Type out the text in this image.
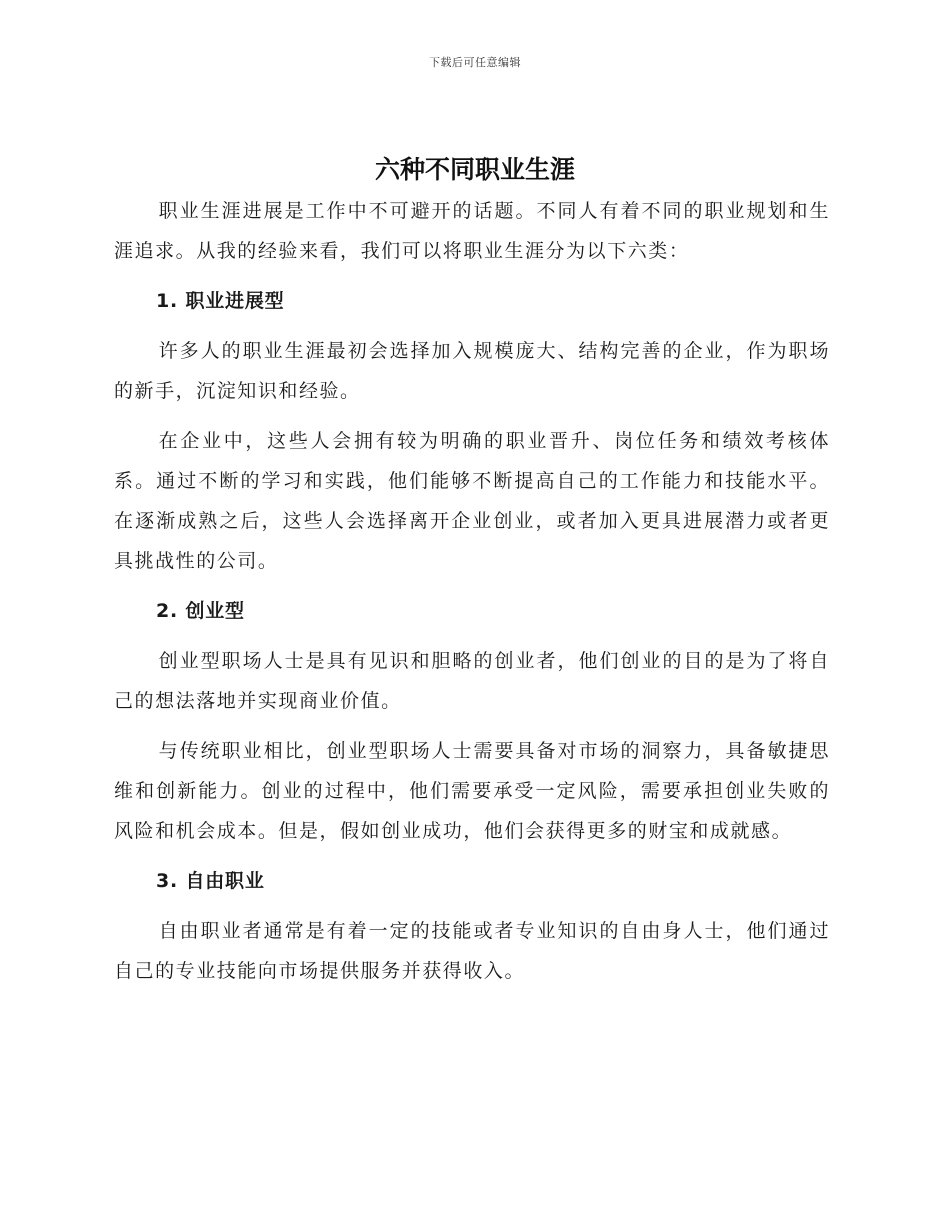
下载后可任意编辑
六种不同职业生涯

职业生涯进展是工作中不可避开的话题。不同人有着不同的职业规划和生涯追求。从我的经验来看，我们可以将职业生涯分为以下六类：

1. 职业进展型

许多人的职业生涯最初会选择加入规模庞大、结构完善的企业，作为职场的新手，沉淀知识和经验。

在企业中，这些人会拥有较为明确的职业晋升、岗位任务和绩效考核体系。通过不断的学习和实践，他们能够不断提高自己的工作能力和技能水平。在逐渐成熟之后，这些人会选择离开企业创业，或者加入更具进展潜力或者更具挑战性的公司。

2. 创业型

创业型职场人士是具有见识和胆略的创业者，他们创业的目的是为了将自己的想法落地并实现商业价值。

与传统职业相比，创业型职场人士需要具备对市场的洞察力，具备敏捷思维和创新能力。创业的过程中，他们需要承受一定风险，需要承担创业失败的风险和机会成本。但是，假如创业成功，他们会获得更多的财宝和成就感。

3. 自由职业

自由职业者通常是有着一定的技能或者专业知识的自由身人士，他们通过自己的专业技能向市场提供服务并获得收入。
